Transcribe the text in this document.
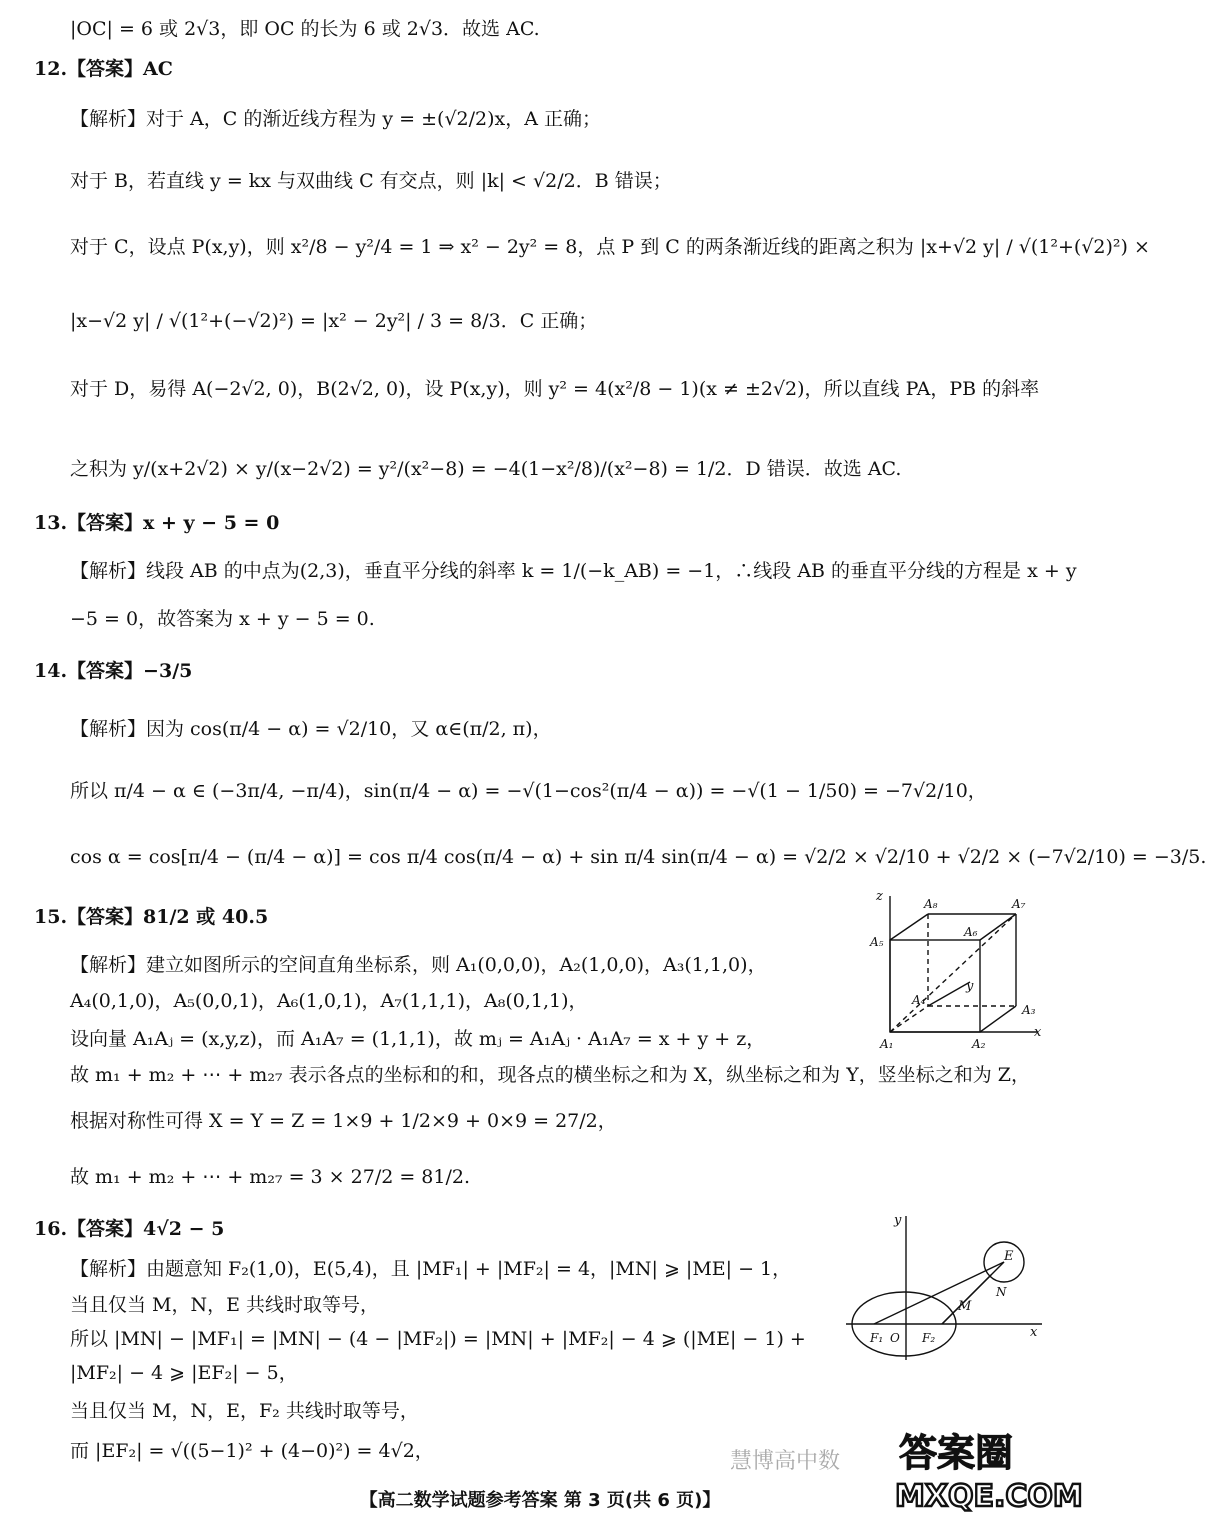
|OC| = 6 或 2√3，即 OC 的长为 6 或 2√3．故选 AC.
12.【答案】AC
【解析】对于 A，C 的渐近线方程为 y = ±(√2/2)x，A 正确；
对于 B，若直线 y = kx 与双曲线 C 有交点，则 |k| < √2/2．B 错误；
对于 C，设点 P(x,y)，则 x²/8 − y²/4 = 1 ⇒ x² − 2y² = 8，点 P 到 C 的两条渐近线的距离之积为 |x+√2 y| / √(1²+(√2)²) ×
|x−√2 y| / √(1²+(−√2)²) = |x² − 2y²| / 3 = 8/3．C 正确；
对于 D，易得 A(−2√2, 0)，B(2√2, 0)，设 P(x,y)，则 y² = 4(x²/8 − 1)(x ≠ ±2√2)，所以直线 PA，PB 的斜率
之积为 y/(x+2√2) × y/(x−2√2) = y²/(x²−8) = −4(1−x²/8)/(x²−8) = 1/2．D 错误．故选 AC.
13.【答案】x + y − 5 = 0
【解析】线段 AB 的中点为(2,3)，垂直平分线的斜率 k = 1/(−k_AB) = −1，∴线段 AB 的垂直平分线的方程是 x + y
−5 = 0，故答案为 x + y − 5 = 0.
14.【答案】−3/5
【解析】因为 cos(π/4 − α) = √2/10，又 α∈(π/2, π)，
所以 π/4 − α ∈ (−3π/4, −π/4)，sin(π/4 − α) = −√(1−cos²(π/4 − α)) = −√(1 − 1/50) = −7√2/10，
cos α = cos[π/4 − (π/4 − α)] = cos π/4 cos(π/4 − α) + sin π/4 sin(π/4 − α) = √2/2 × √2/10 + √2/2 × (−7√2/10) = −3/5.
15.【答案】81/2 或 40.5
【解析】建立如图所示的空间直角坐标系，则 A₁(0,0,0)，A₂(1,0,0)，A₃(1,1,0)，
A₄(0,1,0)，A₅(0,0,1)，A₆(1,0,1)，A₇(1,1,1)，A₈(0,1,1)，
设向量 A₁Aⱼ = (x,y,z)，而 A₁A₇ = (1,1,1)，故 mⱼ = A₁Aⱼ · A₁A₇ = x + y + z，
故 m₁ + m₂ + ⋯ + m₂₇ 表示各点的坐标和的和，现各点的横坐标之和为 X，纵坐标之和为 Y，竖坐标之和为 Z，
根据对称性可得 X = Y = Z = 1×9 + 1/2×9 + 0×9 = 27/2，
故 m₁ + m₂ + ⋯ + m₂₇ = 3 × 27/2 = 81/2.
16.【答案】4√2 − 5
【解析】由题意知 F₂(1,0)，E(5,4)，且 |MF₁| + |MF₂| = 4，|MN| ⩾ |ME| − 1，
当且仅当 M，N，E 共线时取等号，
所以 |MN| − |MF₁| = |MN| − (4 − |MF₂|) = |MN| + |MF₂| − 4 ⩾ (|ME| − 1) +
|MF₂| − 4 ⩾ |EF₂| − 5，
当且仅当 M，N，E，F₂ 共线时取等号，
而 |EF₂| = √((5−1)² + (4−0)²) = 4√2，
z	A₈	A₇
A₅
A₆
A₄
y
A₃
A₁	A₂
x
y
E
N
M
F₁ O F₂	x
慧博高中数 答案圈
MXQE.COM
【高二数学试题参考答案 第 3 页(共 6 页)】
